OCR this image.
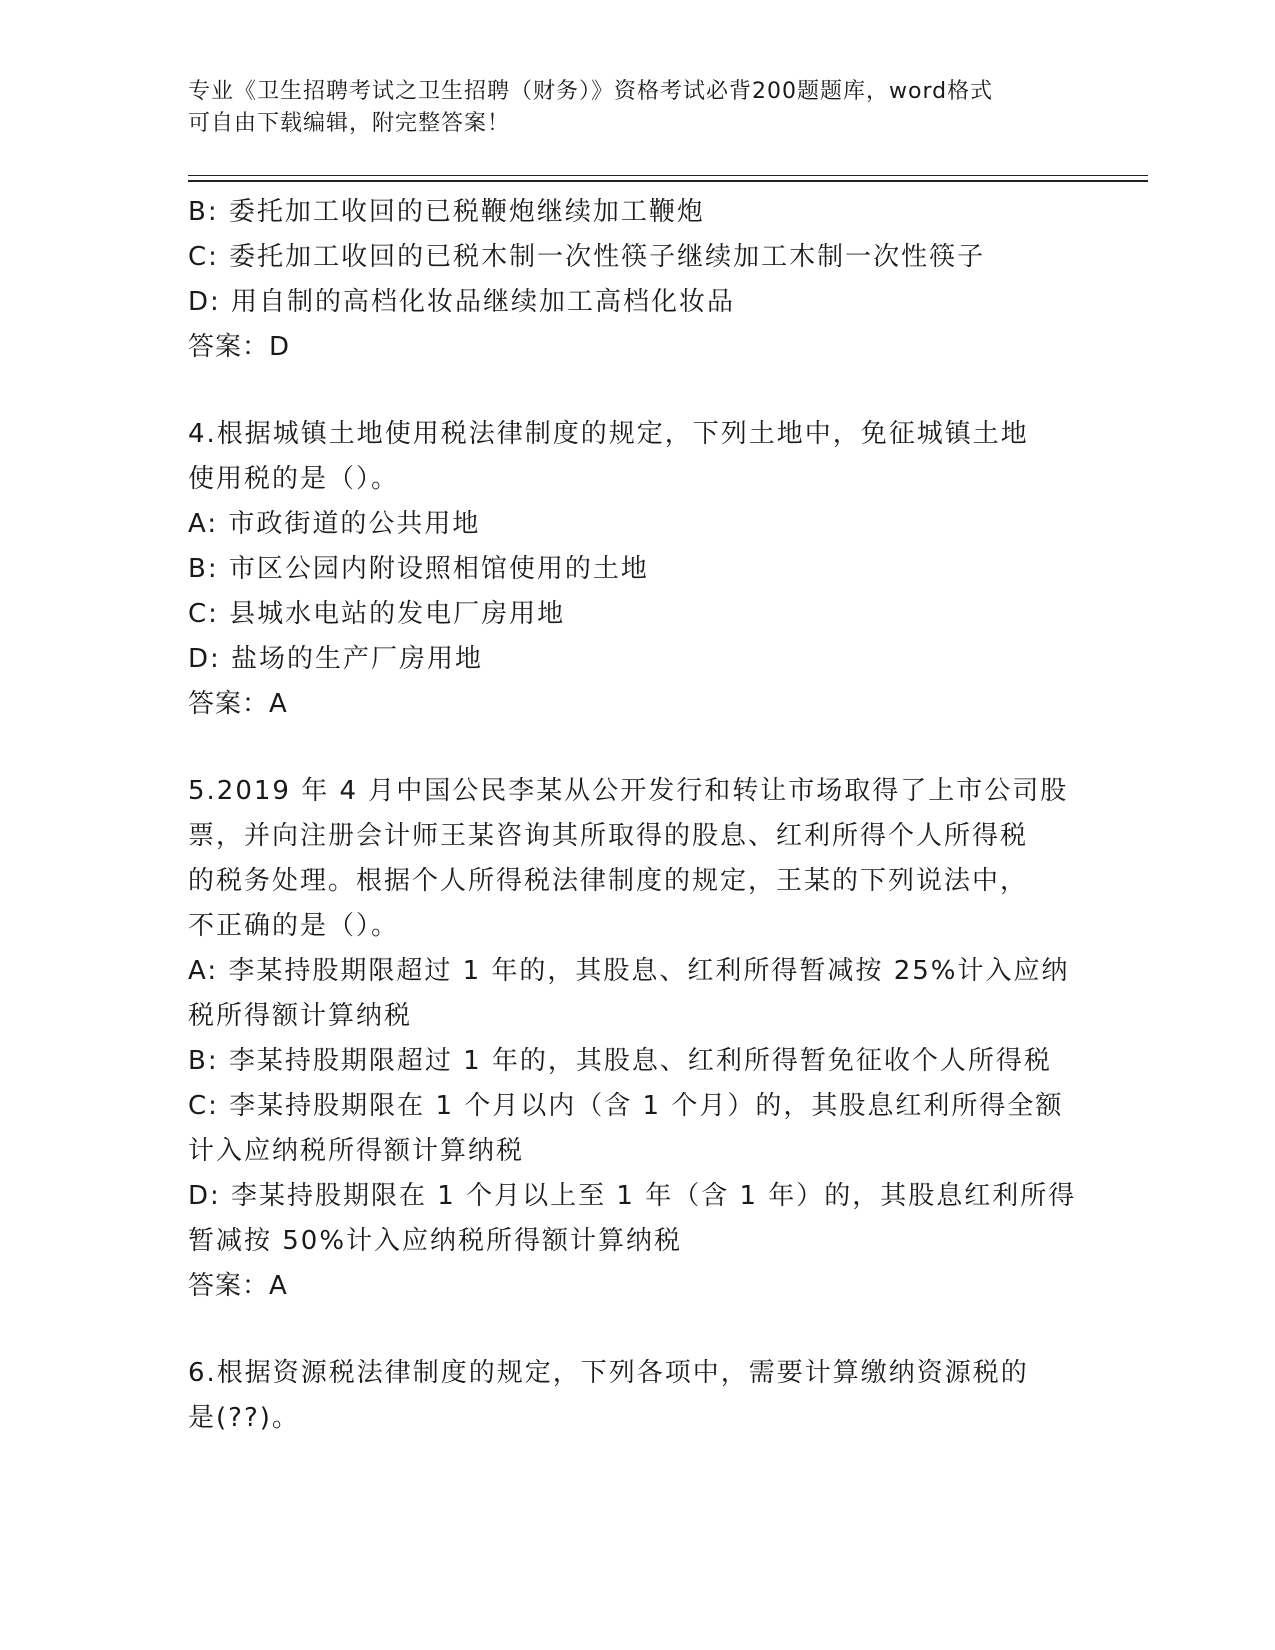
专业《卫生招聘考试之卫生招聘（财务）》资格考试必背200题题库，word格式
可自由下载编辑，附完整答案！
B: 委托加工收回的已税鞭炮继续加工鞭炮
C: 委托加工收回的已税木制一次性筷子继续加工木制一次性筷子
D: 用自制的高档化妆品继续加工高档化妆品
答案：D
4.根据城镇土地使用税法律制度的规定，下列土地中，免征城镇土地
使用税的是（）。
A: 市政街道的公共用地
B: 市区公园内附设照相馆使用的土地
C: 县城水电站的发电厂房用地
D: 盐场的生产厂房用地
答案：A
5.2019 年 4 月中国公民李某从公开发行和转让市场取得了上市公司股
票，并向注册会计师王某咨询其所取得的股息、红利所得个人所得税
的税务处理。根据个人所得税法律制度的规定，王某的下列说法中，
不正确的是（）。
A: 李某持股期限超过 1 年的，其股息、红利所得暂减按 25%计入应纳
税所得额计算纳税
B: 李某持股期限超过 1 年的，其股息、红利所得暂免征收个人所得税
C: 李某持股期限在 1 个月以内（含 1 个月）的，其股息红利所得全额
计入应纳税所得额计算纳税
D: 李某持股期限在 1 个月以上至 1 年（含 1 年）的，其股息红利所得
暂减按 50%计入应纳税所得额计算纳税
答案：A
6.根据资源税法律制度的规定，下列各项中，需要计算缴纳资源税的
是(??)。
